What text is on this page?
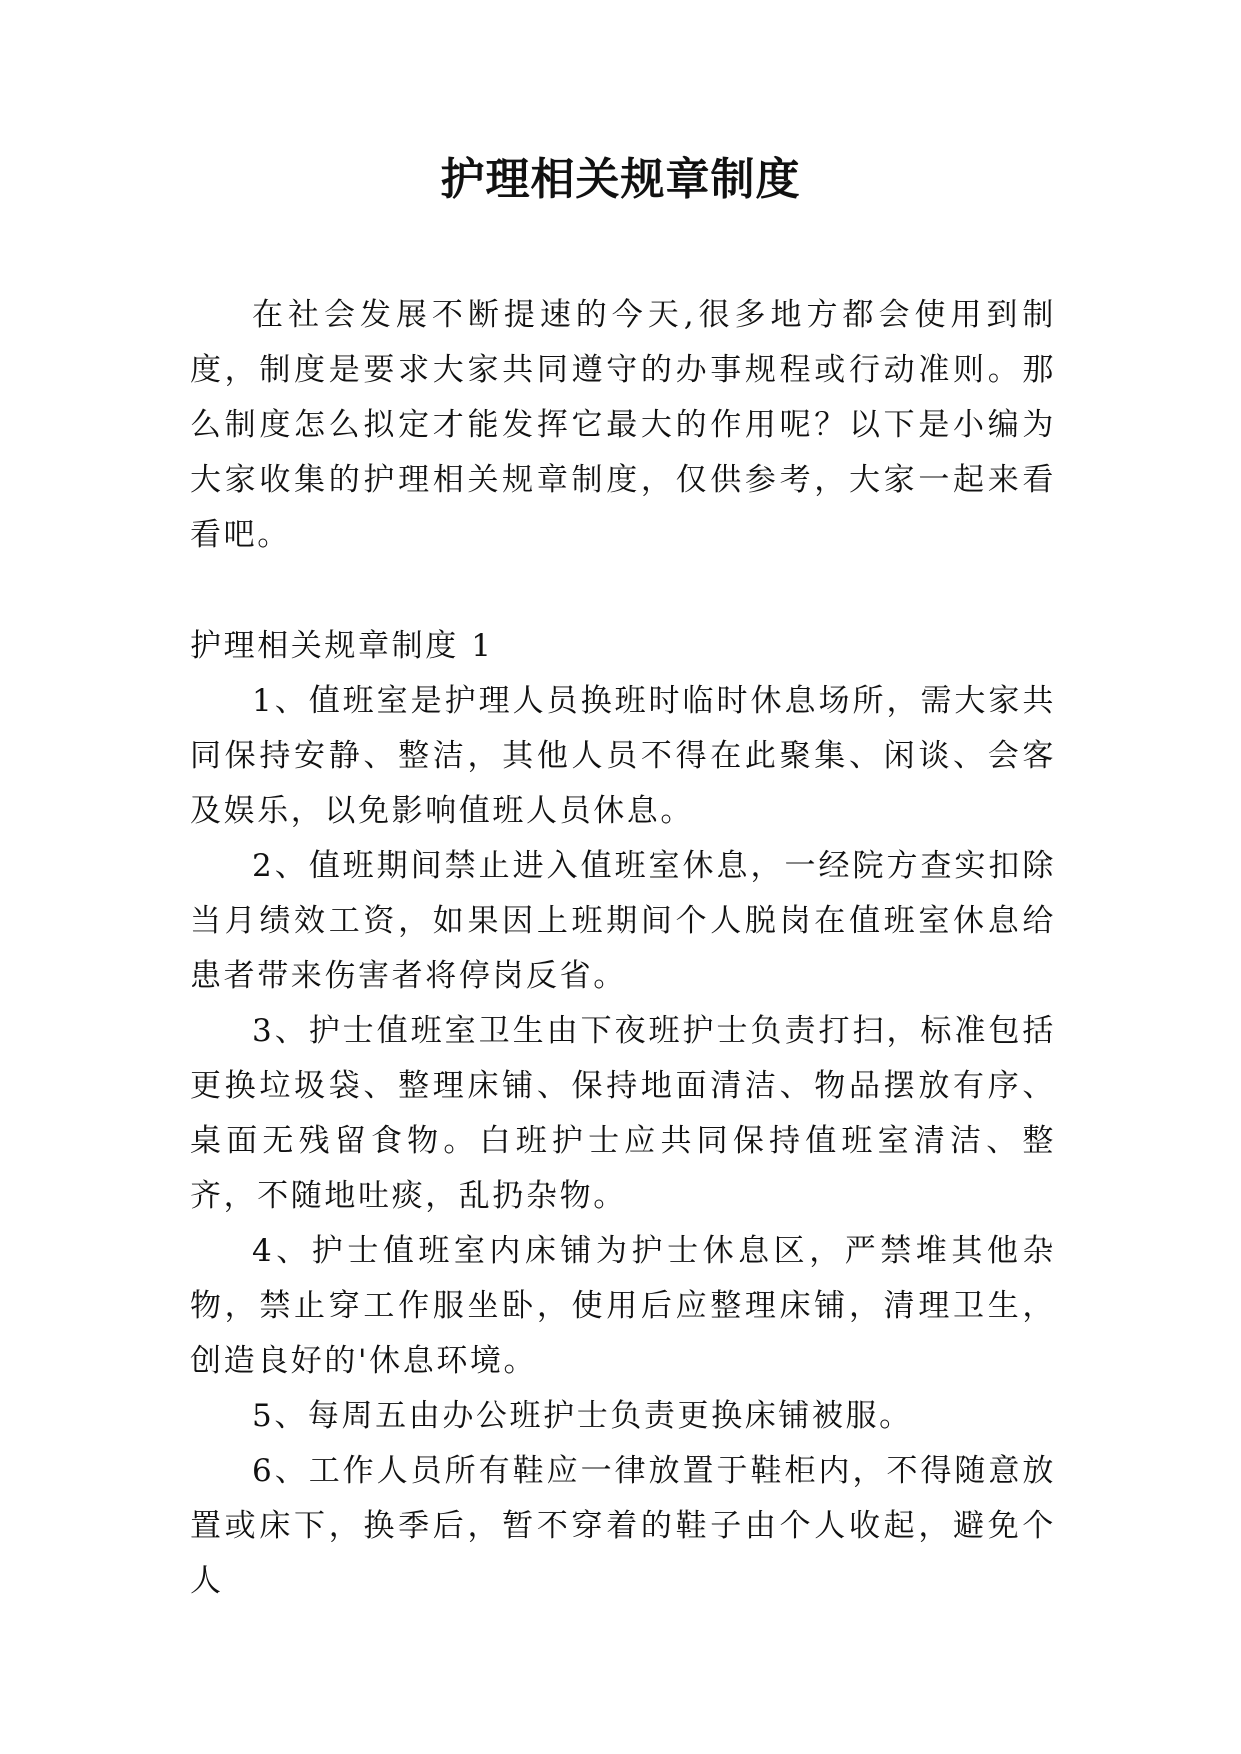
护理相关规章制度

在社会发展不断提速的今天,很多地方都会使用到制度，制度是要求大家共同遵守的办事规程或行动准则。那么制度怎么拟定才能发挥它最大的作用呢？以下是小编为大家收集的护理相关规章制度，仅供参考，大家一起来看看吧。

护理相关规章制度 1

1、值班室是护理人员换班时临时休息场所，需大家共同保持安静、整洁，其他人员不得在此聚集、闲谈、会客及娱乐，以免影响值班人员休息。

2、值班期间禁止进入值班室休息，一经院方查实扣除当月绩效工资，如果因上班期间个人脱岗在值班室休息给患者带来伤害者将停岗反省。

3、护士值班室卫生由下夜班护士负责打扫，标准包括更换垃圾袋、整理床铺、保持地面清洁、物品摆放有序、桌面无残留食物。白班护士应共同保持值班室清洁、整齐，不随地吐痰，乱扔杂物。

4、护士值班室内床铺为护士休息区，严禁堆其他杂物，禁止穿工作服坐卧，使用后应整理床铺，清理卫生，创造良好的'休息环境。

5、每周五由办公班护士负责更换床铺被服。

6、工作人员所有鞋应一律放置于鞋柜内，不得随意放置或床下，换季后，暂不穿着的鞋子由个人收起，避免个人
